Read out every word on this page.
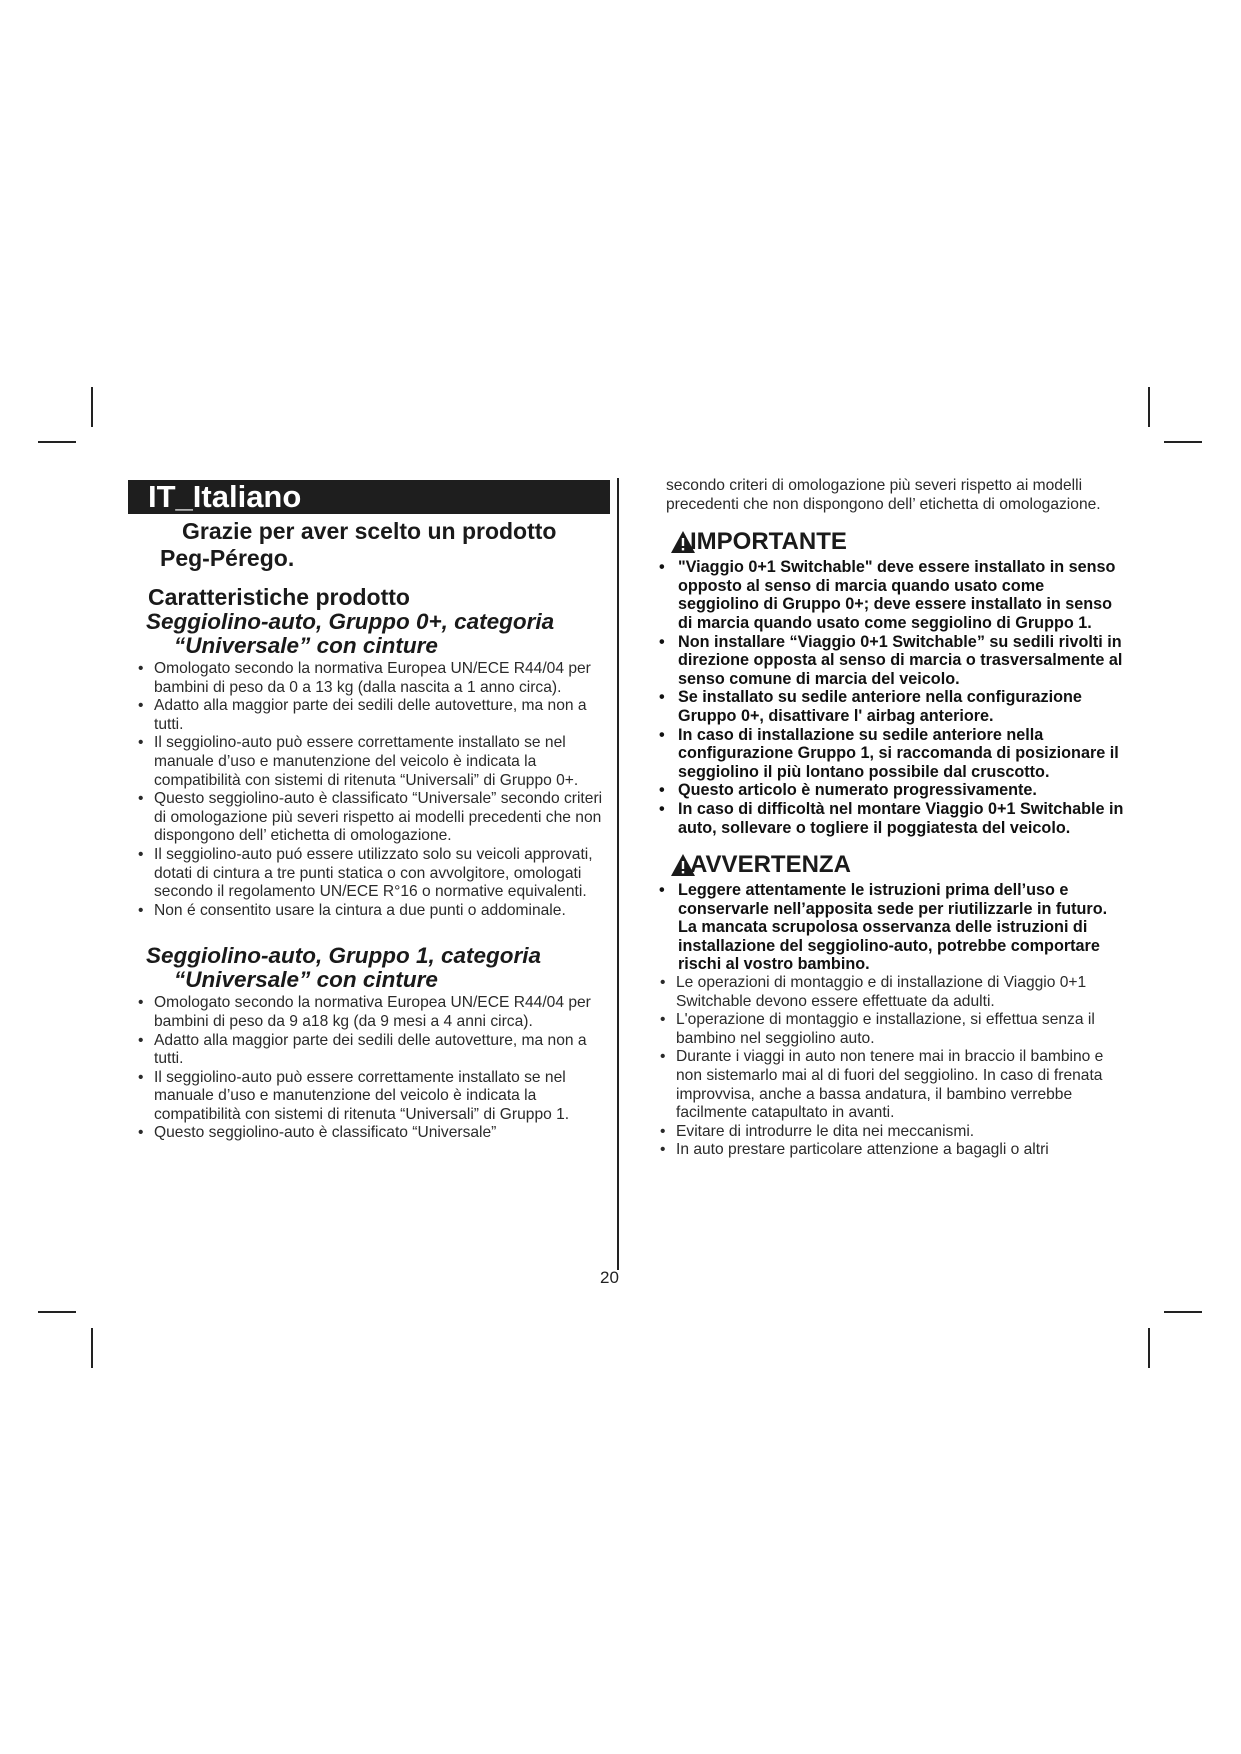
IT_Italiano
Grazie per aver scelto un prodotto Peg-Pérego.
Caratteristiche prodotto
Seggiolino-auto, Gruppo 0+, categoria
“Universale” con cinture
• Omologato secondo la normativa Europea UN/ECE R44/04 per bambini di peso da 0 a 13 kg (dalla nascita a 1 anno circa).
• Adatto alla maggior parte dei sedili delle autovetture, ma non a tutti.
• Il seggiolino-auto può essere correttamente installato se nel manuale d’uso e manutenzione del veicolo è indicata la compatibilità con sistemi di ritenuta “Universali” di Gruppo 0+.
• Questo seggiolino-auto è classificato “Universale” secondo criteri di omologazione più severi rispetto ai modelli precedenti che non dispongono dell’ etichetta di omologazione.
• Il seggiolino-auto puó essere utilizzato solo su veicoli approvati, dotati di cintura a tre punti statica o con avvolgitore, omologati secondo il regolamento UN/ECE R°16 o normative equivalenti.
• Non é consentito usare la cintura a due punti o addominale.
Seggiolino-auto, Gruppo 1, categoria
“Universale” con cinture
• Omologato secondo la normativa Europea UN/ECE R44/04 per bambini di peso da 9 a18 kg (da 9 mesi a 4 anni circa).
• Adatto alla maggior parte dei sedili delle autovetture, ma non a tutti.
• Il seggiolino-auto può essere correttamente installato se nel manuale d’uso e manutenzione del veicolo è indicata la compatibilità con sistemi di ritenuta “Universali” di Gruppo 1.
• Questo seggiolino-auto è classificato “Universale”
secondo criteri di omologazione più severi rispetto ai modelli precedenti che non dispongono dell’ etichetta di omologazione.
IMPORTANTE
• "Viaggio 0+1 Switchable" deve essere installato in senso opposto al senso di marcia quando usato come seggiolino di Gruppo 0+; deve essere installato in senso di marcia quando usato come seggiolino di Gruppo 1.
• Non installare “Viaggio 0+1 Switchable” su sedili rivolti in direzione opposta al senso di marcia o trasversalmente al senso comune di marcia del veicolo.
• Se installato su sedile anteriore nella configurazione Gruppo 0+, disattivare l' airbag anteriore.
• In caso di installazione su sedile anteriore nella configurazione Gruppo 1, si raccomanda di posizionare il seggiolino il più lontano possibile dal cruscotto.
• Questo articolo è numerato progressivamente.
• In caso di difficoltà nel montare Viaggio 0+1 Switchable in auto, sollevare o togliere il poggiatesta del veicolo.
AVVERTENZA
• Leggere attentamente le istruzioni prima dell’uso e conservarle nell’apposita sede per riutilizzarle in futuro. La mancata scrupolosa osservanza delle istruzioni di installazione del seggiolino-auto, potrebbe comportare rischi al vostro bambino.
• Le operazioni di montaggio e di installazione di Viaggio 0+1 Switchable devono essere effettuate da adulti.
• L'operazione di montaggio e installazione, si effettua senza il bambino nel seggiolino auto.
• Durante i viaggi in auto non tenere mai in braccio il bambino e non sistemarlo mai al di fuori del seggiolino. In caso di frenata improvvisa, anche a bassa andatura, il bambino verrebbe facilmente catapultato in avanti.
• Evitare di introdurre le dita nei meccanismi.
• In auto prestare particolare attenzione a bagagli o altri
20
